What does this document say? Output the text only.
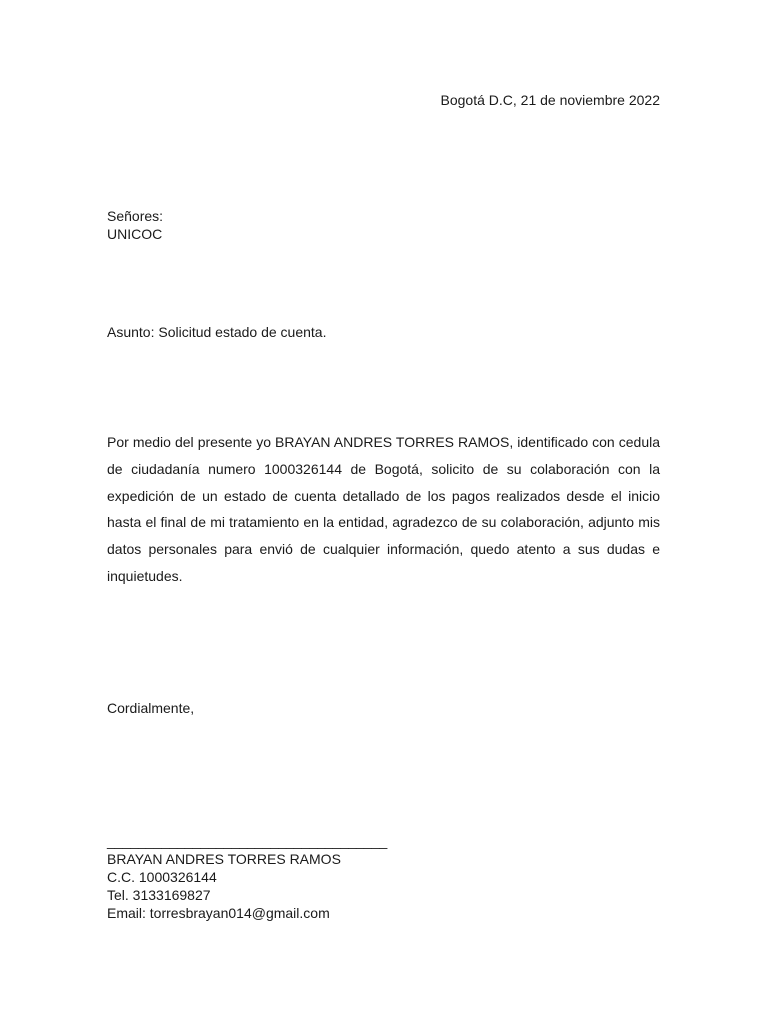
Bogotá D.C, 21 de noviembre 2022
Señores:
UNICOC
Asunto: Solicitud estado de cuenta.

Por medio del presente yo BRAYAN ANDRES TORRES RAMOS, identificado con cedula de ciudadanía numero 1000326144 de Bogotá, solicito de su colaboración con la expedición de un estado de cuenta detallado de los pagos realizados desde el inicio hasta el final de mi tratamiento en la entidad, agradezco de su colaboración, adjunto mis datos personales para envió de cualquier información, quedo atento a sus dudas e inquietudes.

Cordialmente,
____________________________________
BRAYAN ANDRES TORRES RAMOS
C.C. 1000326144
Tel. 3133169827
Email: torresbrayan014@gmail.com
